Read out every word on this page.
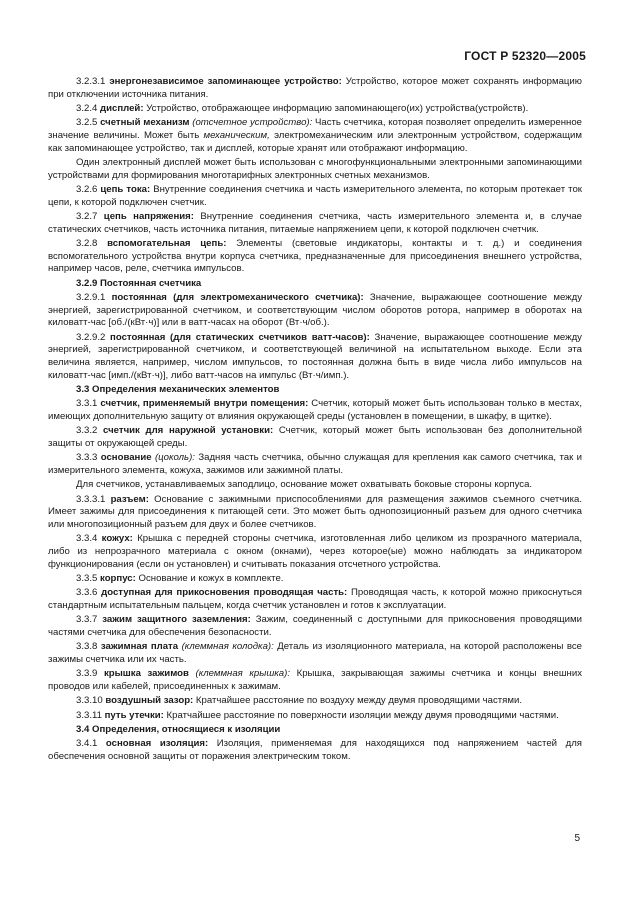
ГОСТ Р 52320—2005

3.2.3.1 энергонезависимое запоминающее устройство: Устройство, которое может сохранять информацию при отключении источника питания.

3.2.4 дисплей: Устройство, отображающее информацию запоминающего(их) устройства(устройств).

3.2.5 счетный механизм (отсчетное устройство): Часть счетчика, которая позволяет определить измеренное значение величины. Может быть механическим, электромеханическим или электронным устройством, содержащим как запоминающее устройство, так и дисплей, которые хранят или отображают информацию.

Один электронный дисплей может быть использован с многофункциональными электронными запоминающими устройствами для формирования многотарифных электронных счетных механизмов.

3.2.6 цепь тока: Внутренние соединения счетчика и часть измерительного элемента, по которым протекает ток цепи, к которой подключен счетчик.

3.2.7 цепь напряжения: Внутренние соединения счетчика, часть измерительного элемента и, в случае статических счетчиков, часть источника питания, питаемые напряжением цепи, к которой подключен счетчик.

3.2.8 вспомогательная цепь: Элементы (световые индикаторы, контакты и т. д.) и соединения вспомогательного устройства внутри корпуса счетчика, предназначенные для присоединения внешнего устройства, например часов, реле, счетчика импульсов.

3.2.9 Постоянная счетчика

3.2.9.1 постоянная (для электромеханического счетчика): Значение, выражающее соотношение между энергией, зарегистрированной счетчиком, и соответствующим числом оборотов ротора, например в оборотах на киловатт-час [об./(кВт·ч)] или в ватт-часах на оборот (Вт·ч/об.).

3.2.9.2 постоянная (для статических счетчиков ватт-часов): Значение, выражающее соотношение между энергией, зарегистрированной счетчиком, и соответствующей величиной на испытательном выходе. Если эта величина является, например, числом импульсов, то постоянная должна быть в виде числа либо импульсов на киловатт-час [имп./(кВт·ч)], либо ватт-часов на импульс (Вт·ч/имп.).

3.3 Определения механических элементов

3.3.1 счетчик, применяемый внутри помещения: Счетчик, который может быть использован только в местах, имеющих дополнительную защиту от влияния окружающей среды (установлен в помещении, в шкафу, в щитке).

3.3.2 счетчик для наружной установки: Счетчик, который может быть использован без дополнительной защиты от окружающей среды.

3.3.3 основание (цоколь): Задняя часть счетчика, обычно служащая для крепления как самого счетчика, так и измерительного элемента, кожуха, зажимов или зажимной платы.

Для счетчиков, устанавливаемых заподлицо, основание может охватывать боковые стороны корпуса.

3.3.3.1 разъем: Основание с зажимными приспособлениями для размещения зажимов съемного счетчика. Имеет зажимы для присоединения к питающей сети. Это может быть однопозиционный разъем для одного счетчика или многопозиционный разъем для двух и более счетчиков.

3.3.4 кожух: Крышка с передней стороны счетчика, изготовленная либо целиком из прозрачного материала, либо из непрозрачного материала с окном (окнами), через которое(ые) можно наблюдать за индикатором функционирования (если он установлен) и считывать показания отсчетного устройства.

3.3.5 корпус: Основание и кожух в комплекте.

3.3.6 доступная для прикосновения проводящая часть: Проводящая часть, к которой можно прикоснуться стандартным испытательным пальцем, когда счетчик установлен и готов к эксплуатации.

3.3.7 зажим защитного заземления: Зажим, соединенный с доступными для прикосновения проводящими частями счетчика для обеспечения безопасности.

3.3.8 зажимная плата (клеммная колодка): Деталь из изоляционного материала, на которой расположены все зажимы счетчика или их часть.

3.3.9 крышка зажимов (клеммная крышка): Крышка, закрывающая зажимы счетчика и концы внешних проводов или кабелей, присоединенных к зажимам.

3.3.10 воздушный зазор: Кратчайшее расстояние по воздуху между двумя проводящими частями.

3.3.11 путь утечки: Кратчайшее расстояние по поверхности изоляции между двумя проводящими частями.

3.4 Определения, относящиеся к изоляции

3.4.1 основная изоляция: Изоляция, применяемая для находящихся под напряжением частей для обеспечения основной защиты от поражения электрическим током.

5
